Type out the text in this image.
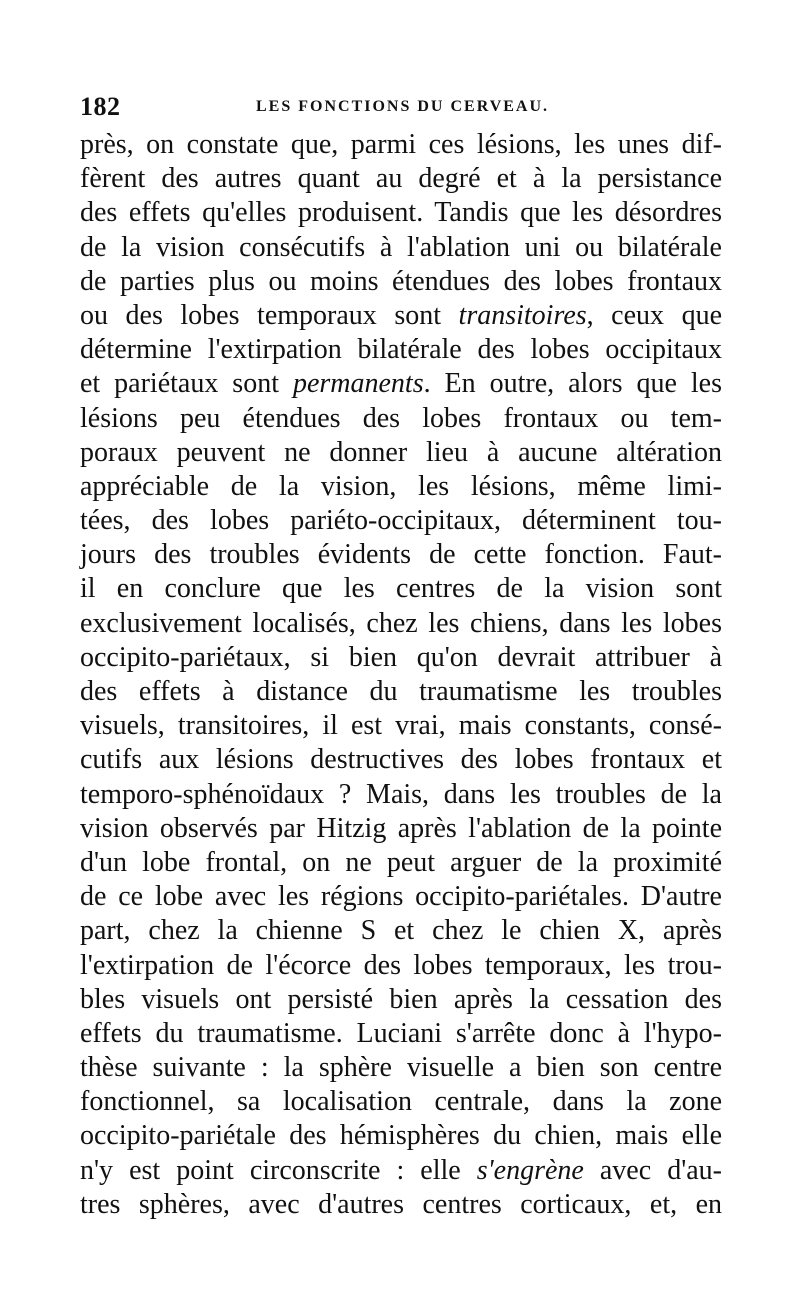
182	LES FONCTIONS DU CERVEAU.
près, on constate que, parmi ces lésions, les unes dif-
fèrent des autres quant au degré et à la persistance
des effets qu'elles produisent. Tandis que les désordres
de la vision consécutifs à l'ablation uni ou bilatérale
de parties plus ou moins étendues des lobes frontaux
ou des lobes temporaux sont transitoires, ceux que
détermine l'extirpation bilatérale des lobes occipitaux
et pariétaux sont permanents. En outre, alors que les
lésions peu étendues des lobes frontaux ou tem-
poraux peuvent ne donner lieu à aucune altération
appréciable de la vision, les lésions, même limi-
tées, des lobes pariéto-occipitaux, déterminent tou-
jours des troubles évidents de cette fonction. Faut-
il en conclure que les centres de la vision sont
exclusivement localisés, chez les chiens, dans les lobes
occipito-pariétaux, si bien qu'on devrait attribuer à
des effets à distance du traumatisme les troubles
visuels, transitoires, il est vrai, mais constants, consé-
cutifs aux lésions destructives des lobes frontaux et
temporo-sphénoïdaux ? Mais, dans les troubles de la
vision observés par Hitzig après l'ablation de la pointe
d'un lobe frontal, on ne peut arguer de la proximité
de ce lobe avec les régions occipito-pariétales. D'autre
part, chez la chienne S et chez le chien X, après
l'extirpation de l'écorce des lobes temporaux, les trou-
bles visuels ont persisté bien après la cessation des
effets du traumatisme. Luciani s'arrête donc à l'hypo-
thèse suivante : la sphère visuelle a bien son centre
fonctionnel, sa localisation centrale, dans la zone
occipito-pariétale des hémisphères du chien, mais elle
n'y est point circonscrite : elle s'engrène avec d'au-
tres sphères, avec d'autres centres corticaux, et, en
